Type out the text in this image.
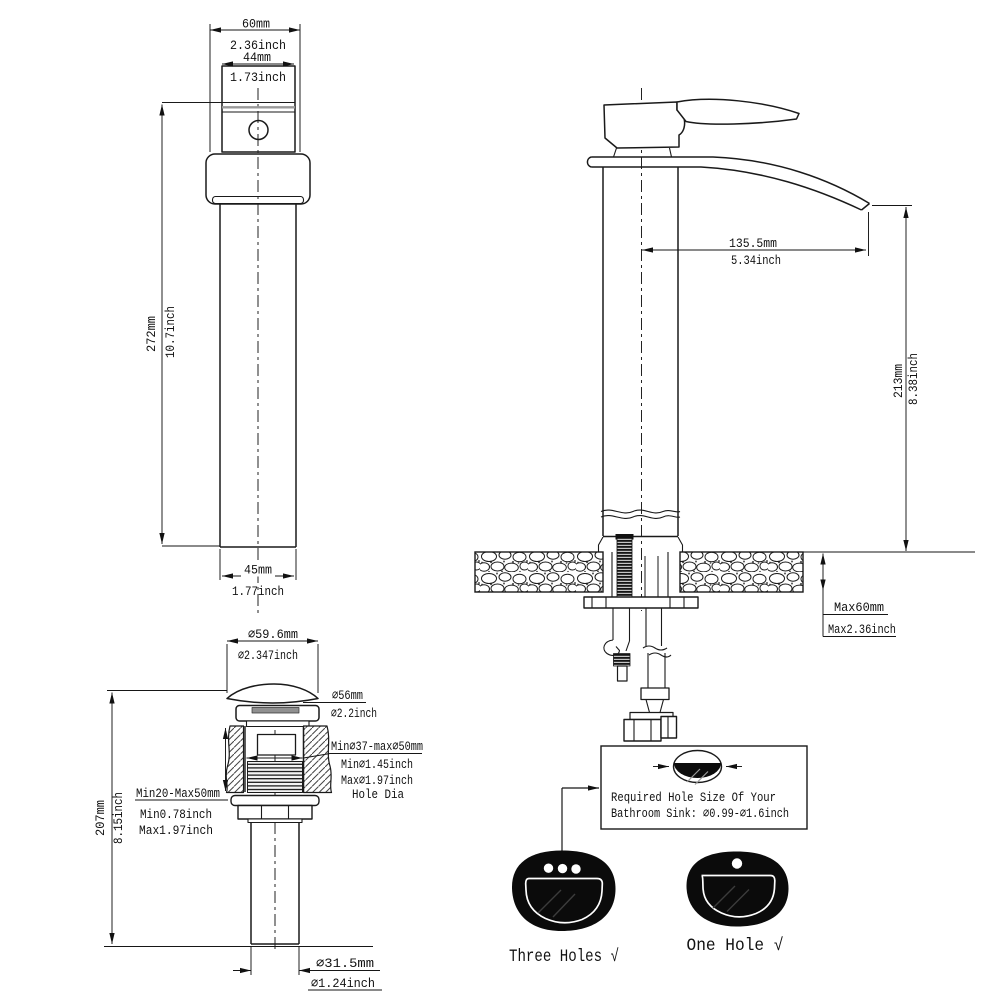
60mm
2.36inch
44mm
1.73inch
272mm 10.7inch
45mm
1.77inch
135.5mm
5.34inch
213mm 8.38inch
Max60mm
Max2.36inch
∅59.6mm
∅2.347inch
∅56mm
∅2.2inch
Min∅37-max∅50mm
Min∅1.45inch
Max∅1.97inch
Hole Dia
Min20-Max50mm
Min0.78inch
Max1.97inch
207mm 8.15inch
∅31.5mm
∅1.24inch
Required Hole Size Of Your
Bathroom Sink: ∅0.99-∅1.6inch
Three Holes √
One Hole √
